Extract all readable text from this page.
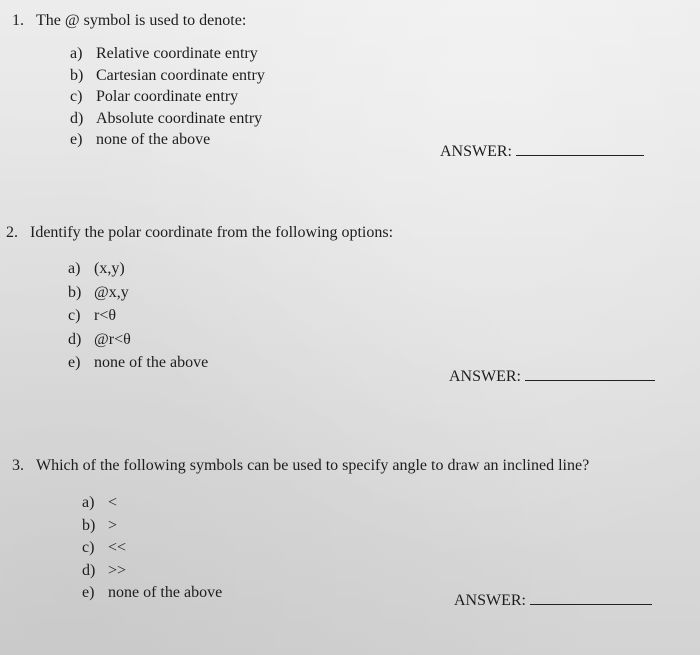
1. The @ symbol is used to denote:
a) Relative coordinate entry
b) Cartesian coordinate entry
c) Polar coordinate entry
d) Absolute coordinate entry
e) none of the above
ANSWER:
2. Identify the polar coordinate from the following options:
a) (x,y)
b) @x,y
c) r<θ
d) @r<θ
e) none of the above
ANSWER:
3. Which of the following symbols can be used to specify angle to draw an inclined line?
a) <
b) >
c) <<
d) >>
e) none of the above	ANSWER:
